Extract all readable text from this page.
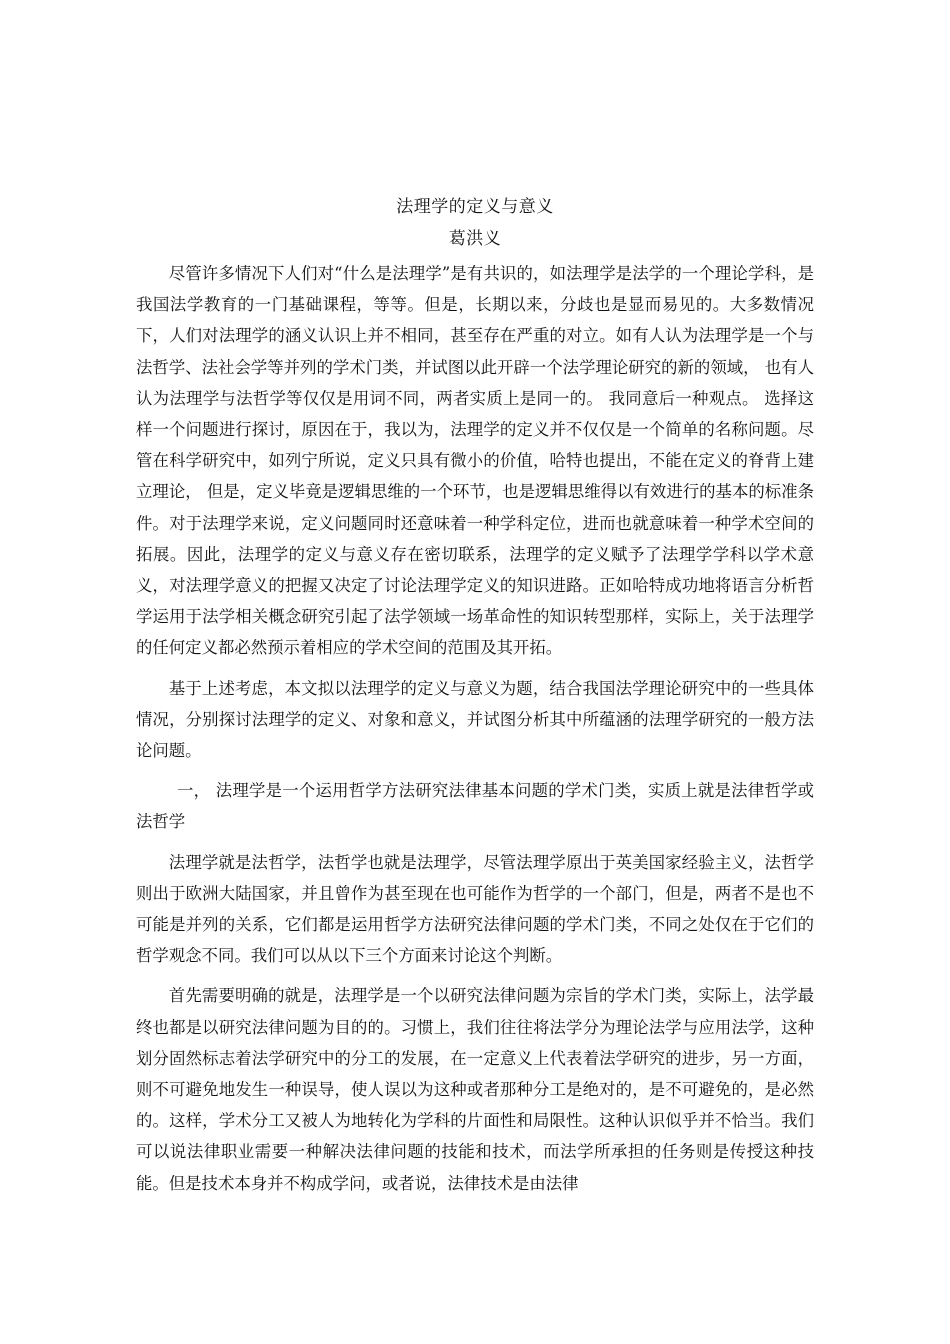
法理学的定义与意义
葛洪义

尽管许多情况下人们对“什么是法理学”是有共识的，如法理学是法学的一个理论学科，是我国法学教育的一门基础课程，等等。但是，长期以来，分歧也是显而易见的。大多数情况下，人们对法理学的涵义认识上并不相同，甚至存在严重的对立。如有人认为法理学是一个与法哲学、法社会学等并列的学术门类，并试图以此开辟一个法学理论研究的新的领域， 也有人认为法理学与法哲学等仅仅是用词不同，两者实质上是同一的。 我同意后一种观点。 选择这样一个问题进行探讨，原因在于，我以为，法理学的定义并不仅仅是一个简单的名称问题。尽管在科学研究中，如列宁所说，定义只具有微小的价值，哈特也提出，不能在定义的脊背上建立理论， 但是，定义毕竟是逻辑思维的一个环节，也是逻辑思维得以有效进行的基本的标准条件。对于法理学来说，定义问题同时还意味着一种学科定位，进而也就意味着一种学术空间的拓展。因此，法理学的定义与意义存在密切联系，法理学的定义赋予了法理学学科以学术意义，对法理学意义的把握又决定了讨论法理学定义的知识进路。正如哈特成功地将语言分析哲学运用于法学相关概念研究引起了法学领域一场革命性的知识转型那样，实际上，关于法理学的任何定义都必然预示着相应的学术空间的范围及其开拓。

基于上述考虑，本文拟以法理学的定义与意义为题，结合我国法学理论研究中的一些具体情况，分别探讨法理学的定义、对象和意义，并试图分析其中所蕴涵的法理学研究的一般方法论问题。

一， 法理学是一个运用哲学方法研究法律基本问题的学术门类，实质上就是法律哲学或法哲学

法理学就是法哲学，法哲学也就是法理学，尽管法理学原出于英美国家经验主义，法哲学则出于欧洲大陆国家，并且曾作为甚至现在也可能作为哲学的一个部门，但是，两者不是也不可能是并列的关系，它们都是运用哲学方法研究法律问题的学术门类，不同之处仅在于它们的哲学观念不同。我们可以从以下三个方面来讨论这个判断。

首先需要明确的就是，法理学是一个以研究法律问题为宗旨的学术门类，实际上，法学最终也都是以研究法律问题为目的的。习惯上，我们往往将法学分为理论法学与应用法学，这种划分固然标志着法学研究中的分工的发展，在一定意义上代表着法学研究的进步，另一方面，则不可避免地发生一种误导，使人误以为这种或者那种分工是绝对的，是不可避免的，是必然的。这样，学术分工又被人为地转化为学科的片面性和局限性。这种认识似乎并不恰当。我们可以说法律职业需要一种解决法律问题的技能和技术，而法学所承担的任务则是传授这种技能。但是技术本身并不构成学问，或者说，法律技术是由法律
